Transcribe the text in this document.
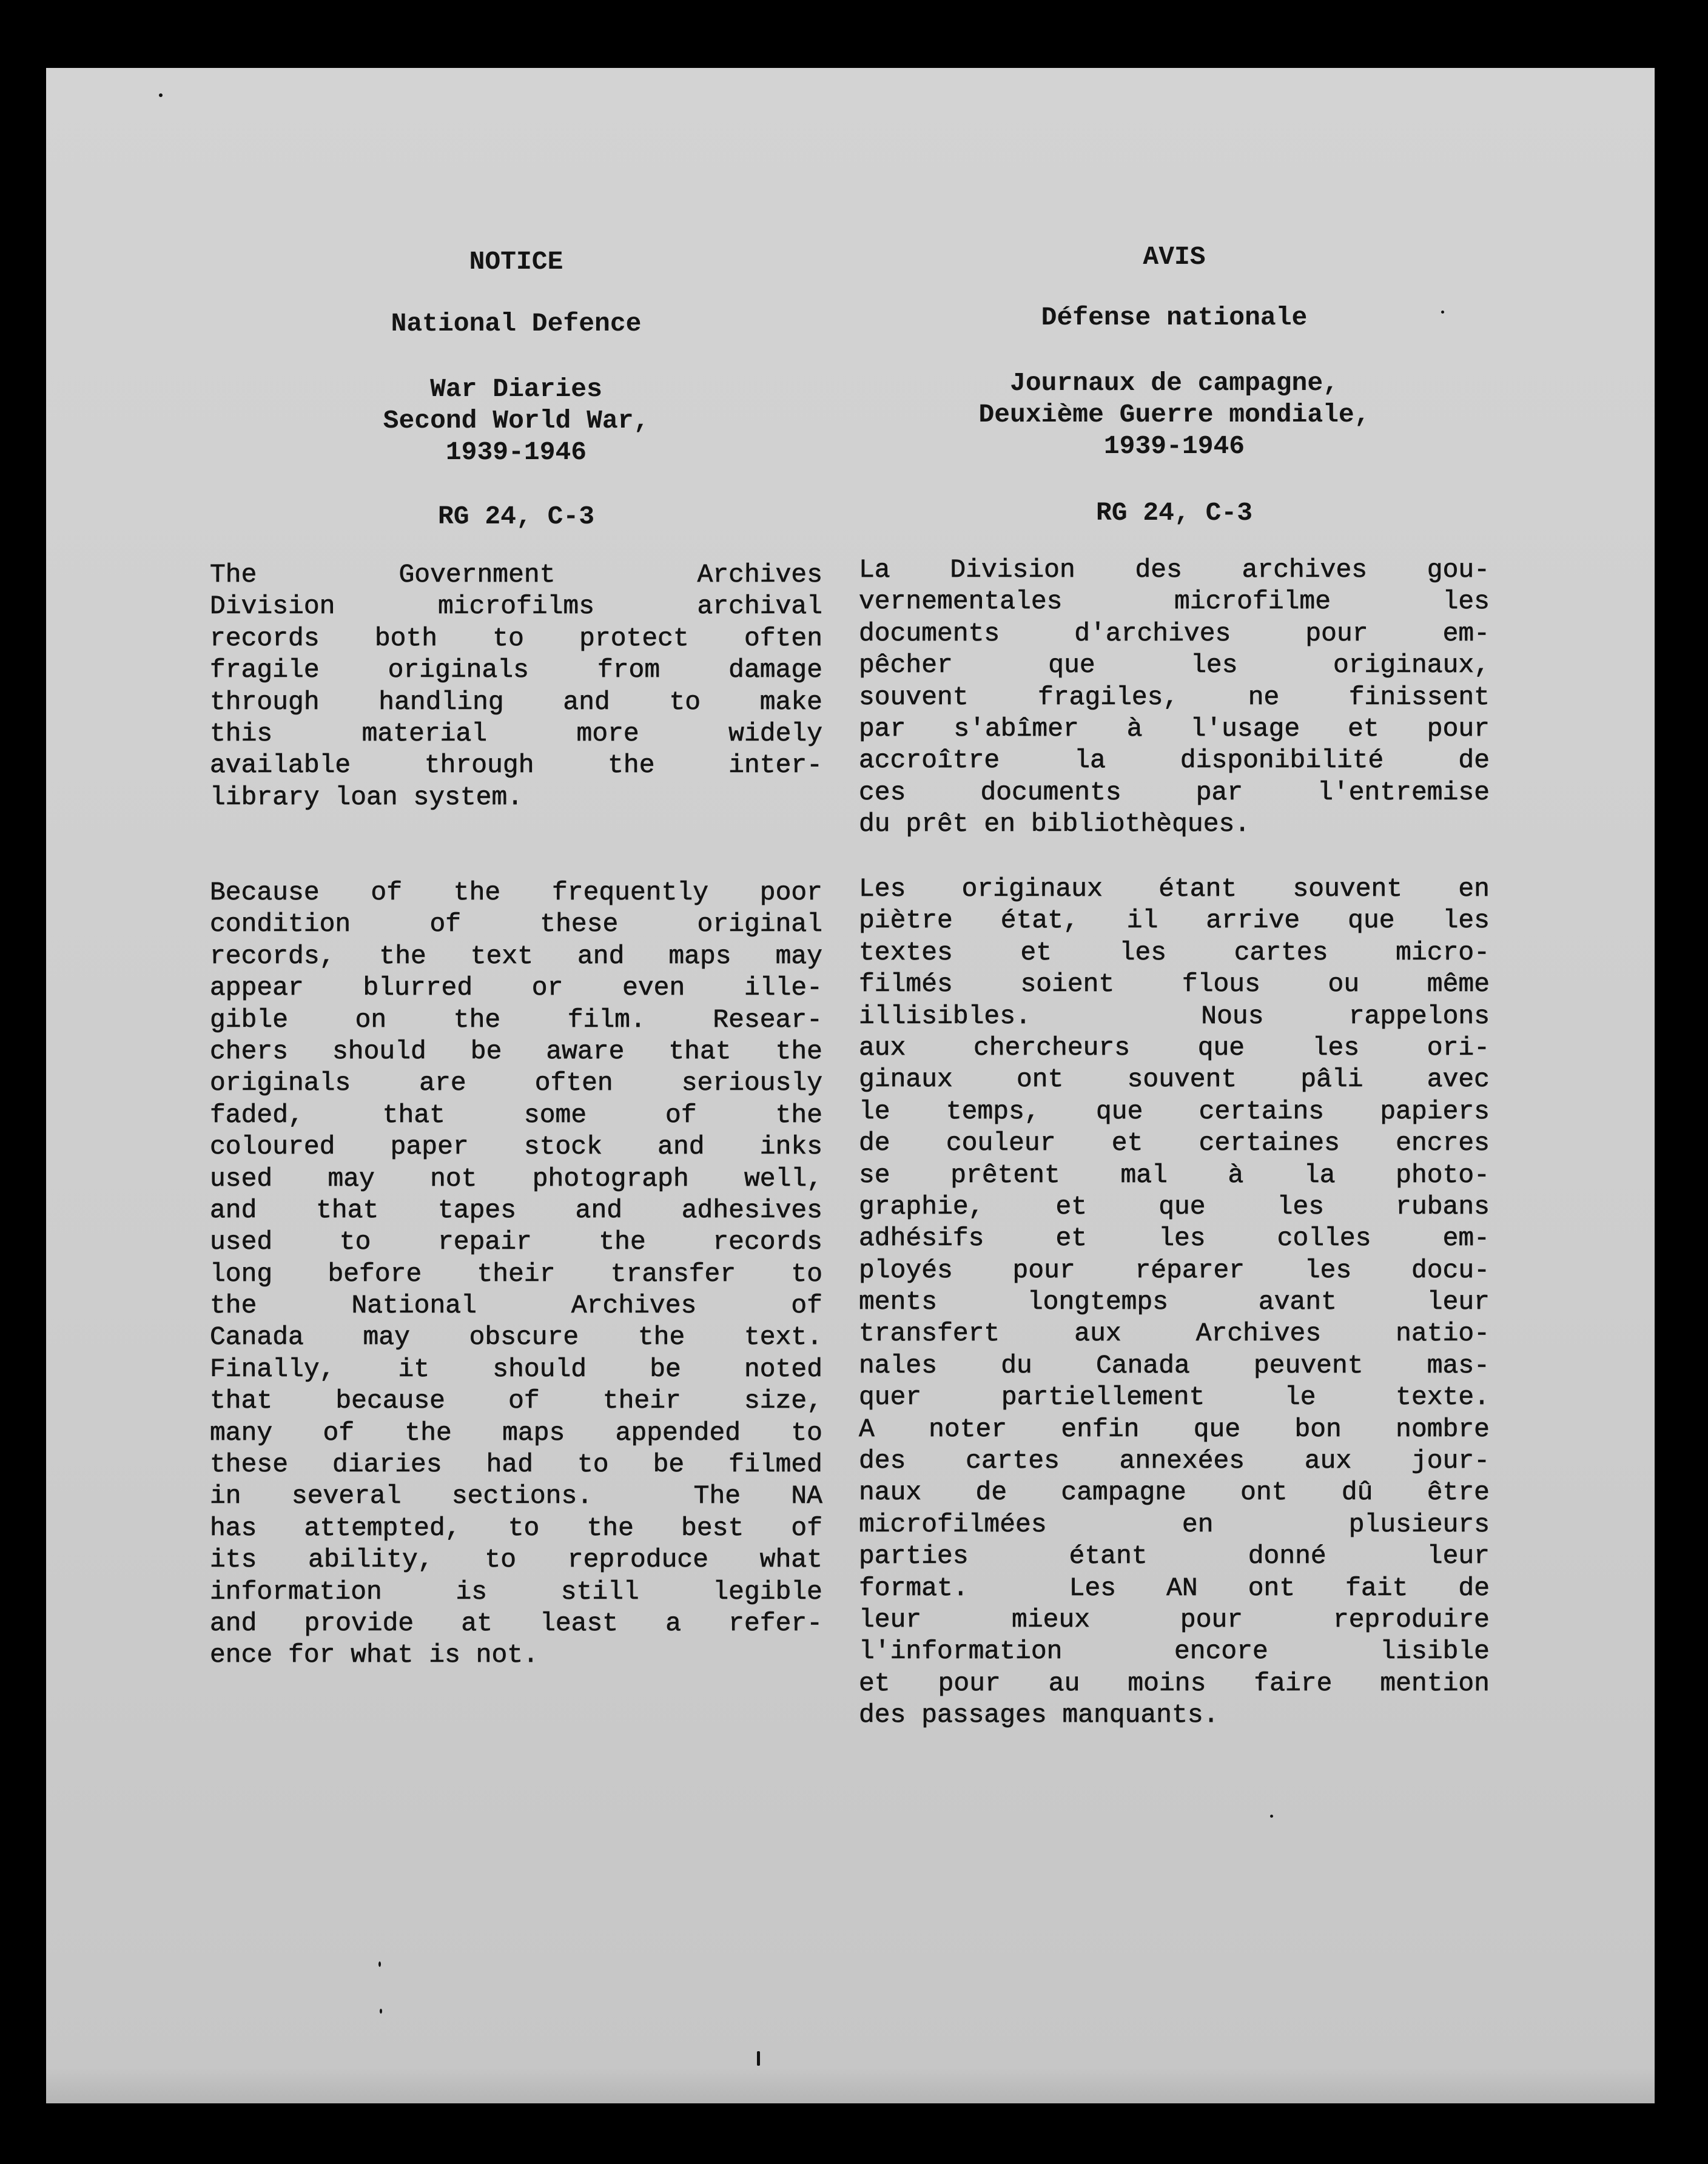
NOTICE
National Defence
War Diaries
Second World War,
1939-1946
RG 24, C-3
The Government Archives
Division microfilms archival
records both to protect often
fragile originals from damage
through handling and to make
this material more widely
available through the inter-
library loan system.
Because of the frequently poor
condition of these original
records, the text and maps may
appear blurred or even ille-
gible on the film. Resear-
chers should be aware that the
originals are often seriously
faded, that some of the
coloured paper stock and inks
used may not photograph well,
and that tapes and adhesives
used to repair the records
long before their transfer to
the National Archives of
Canada may obscure the text.
Finally, it should be noted
that because of their size,
many of the maps appended to
these diaries had to be filmed
in several sections.  The NA
has attempted, to the best of
its ability, to reproduce what
information is still legible
and provide at least a refer-
ence for what is not.
AVIS
Défense nationale
Journaux de campagne,
Deuxième Guerre mondiale,
1939-1946
RG 24, C-3
La Division des archives gou-
vernementales microfilme les
documents d'archives pour em-
pêcher que les originaux,
souvent fragiles, ne finissent
par s'abîmer à l'usage et pour
accroître la disponibilité de
ces documents par l'entremise
du prêt en bibliothèques.
Les originaux étant souvent en
piètre état, il arrive que les
textes et les cartes micro-
filmés soient flous ou même
illisibles.  Nous rappelons
aux chercheurs que les ori-
ginaux ont souvent pâli avec
le temps, que certains papiers
de couleur et certaines encres
se prêtent mal à la photo-
graphie, et que les rubans
adhésifs et les colles em-
ployés pour réparer les docu-
ments longtemps avant leur
transfert aux Archives natio-
nales du Canada peuvent mas-
quer partiellement le texte.
A noter enfin que bon nombre
des cartes annexées aux jour-
naux de campagne ont dû être
microfilmées en plusieurs
parties étant donné leur
format.  Les AN ont fait de
leur mieux pour reproduire
l'information encore lisible
et pour au moins faire mention
des passages manquants.
